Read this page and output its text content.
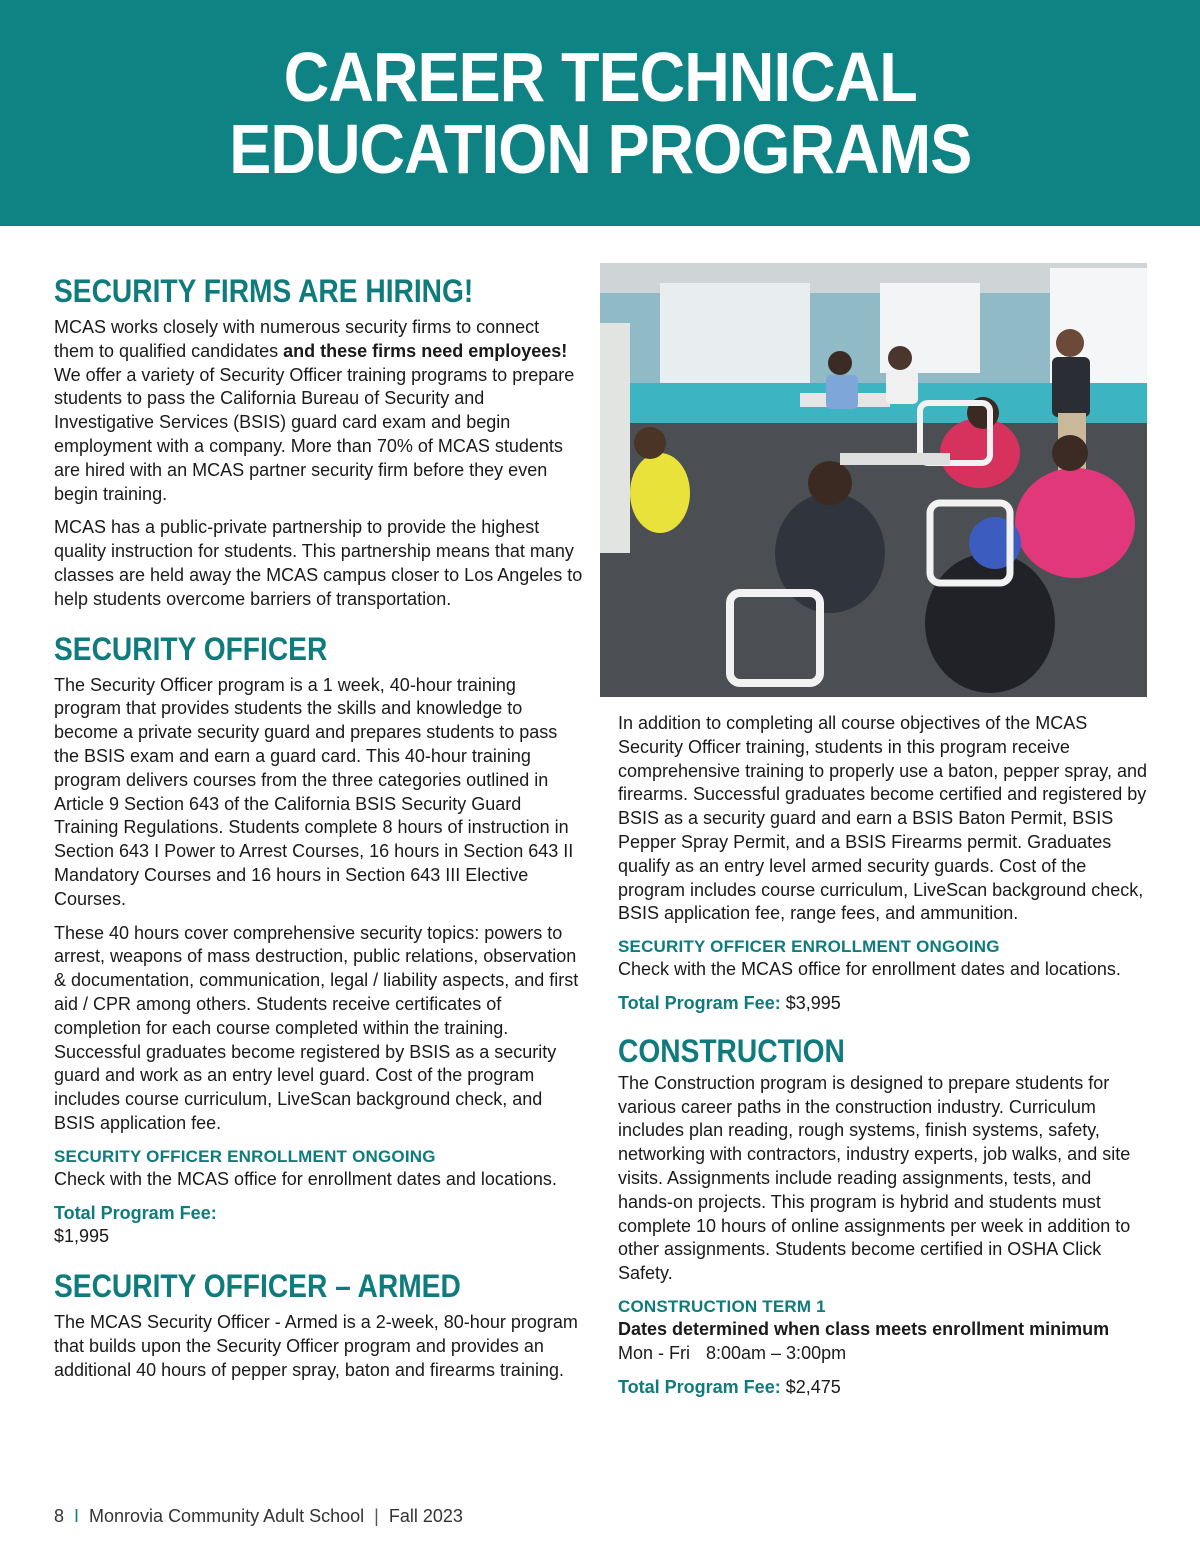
CAREER TECHNICAL
EDUCATION PROGRAMS
SECURITY FIRMS ARE HIRING!

MCAS works closely with numerous security firms to connect them to qualified candidates and these firms need employees! We offer a variety of Security Officer training programs to prepare students to pass the California Bureau of Security and Investigative Services (BSIS) guard card exam and begin employment with a company. More than 70% of MCAS students are hired with an MCAS partner security firm before they even begin training.

MCAS has a public-private partnership to provide the highest quality instruction for students. This partnership means that many classes are held away the MCAS campus closer to Los Angeles to help students overcome barriers of transportation.

SECURITY OFFICER

The Security Officer program is a 1 week, 40-hour training program that provides students the skills and knowledge to become a private security guard and prepares students to pass the BSIS exam and earn a guard card. This 40-hour training program delivers courses from the three categories outlined in Article 9 Section 643 of the California BSIS Security Guard Training Regulations. Students complete 8 hours of instruction in Section 643 I Power to Arrest Courses, 16 hours in Section 643 II Mandatory Courses and 16 hours in Section 643 III Elective Courses.

These 40 hours cover comprehensive security topics: powers to arrest, weapons of mass destruction, public relations, observation & documentation, communication, legal / liability aspects, and first aid / CPR among others. Students receive certificates of completion for each course completed within the training. Successful graduates become registered by BSIS as a security guard and work as an entry level guard. Cost of the program includes course curriculum, LiveScan background check, and BSIS application fee.

SECURITY OFFICER ENROLLMENT ONGOING

Check with the MCAS office for enrollment dates and locations.

Total Program Fee:
$1,995

SECURITY OFFICER – ARMED

The MCAS Security Officer - Armed is a 2-week, 80-hour program that builds upon the Security Officer program and provides an additional 40 hours of pepper spray, baton and firearms training.

In addition to completing all course objectives of the MCAS Security Officer training, students in this program receive comprehensive training to properly use a baton, pepper spray, and firearms. Successful graduates become certified and registered by BSIS as a security guard and earn a BSIS Baton Permit, BSIS Pepper Spray Permit, and a BSIS Firearms permit. Graduates qualify as an entry level armed security guards. Cost of the program includes course curriculum, LiveScan background check, BSIS application fee, range fees, and ammunition.

SECURITY OFFICER ENROLLMENT ONGOING

Check with the MCAS office for enrollment dates and locations.

Total Program Fee: $3,995

CONSTRUCTION

The Construction program is designed to prepare students for various career paths in the construction industry. Curriculum includes plan reading, rough systems, finish systems, safety, networking with contractors, industry experts, job walks, and site visits. Assignments include reading assignments, tests, and hands-on projects. This program is hybrid and students must complete 10 hours of online assignments per week in addition to other assignments. Students become certified in OSHA Click Safety.

CONSTRUCTION TERM 1

Dates determined when class meets enrollment minimum
Mon - Fri 8:00am – 3:00pm

Total Program Fee: $2,475

8 I Monrovia Community Adult School | Fall 2023
